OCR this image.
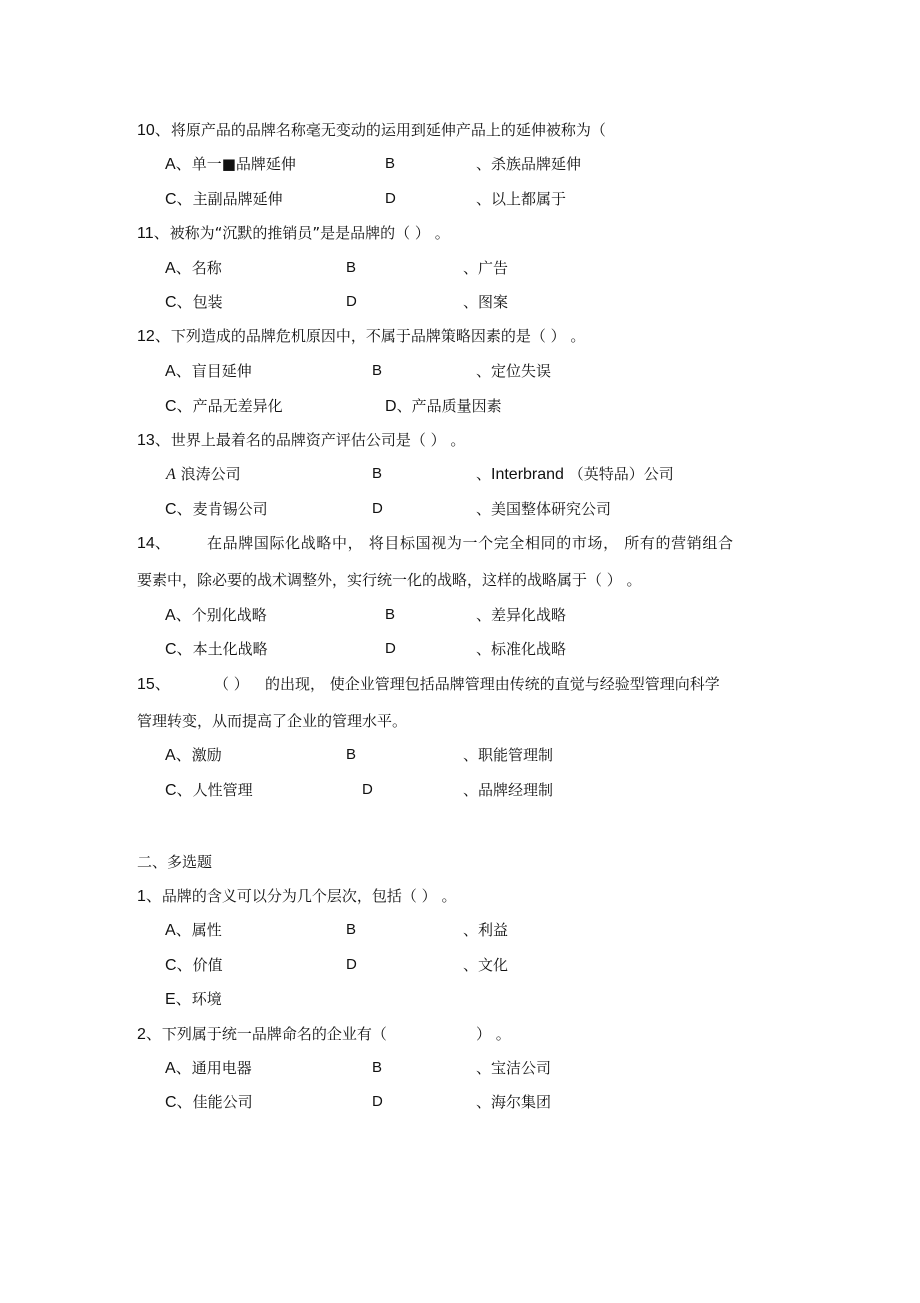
10、将原产品的品牌名称毫无变动的运用到延伸产品上的延伸被称为（
A、单一■品牌延伸	B	、杀族品牌延伸
C、主副品牌延伸	D	、以上都属于
11、被称为“沉默的推销员”是是品牌的（ ） 。
A、名称	B	、广告
C、包装	D	、图案
12、下列造成的品牌危机原因中，不属于品牌策略因素的是（ ） 。
A、盲目延伸	B	、定位失误
C、产品无差异化	D、产品质量因素
13、世界上最着名的品牌资产评估公司是（ ） 。
A 浪涛公司	B	、Interbrand （英特品）公司
C、麦肯锡公司	D	、美国整体研究公司
14、 在品牌国际化战略中， 将目标国视为一个完全相同的市场， 所有的营销组合
要素中，除必要的战术调整外，实行统一化的战略，这样的战略属于（ ） 。
A、个别化战略	B	、差异化战略
C、本土化战略	D	、标准化战略
15、	（ ） 的出现， 使企业管理包括品牌管理由传统的直觉与经验型管理向科学
管理转变，从而提高了企业的管理水平。
A、激励	B	、职能管理制
C、人性管理	D	、品牌经理制
二、多选题
1、品牌的含义可以分为几个层次，包括（ ） 。
A、属性	B	、利益
C、价值	D	、文化
E、环境
2、下列属于统一品牌命名的企业有（	） 。
A、通用电器	B	、宝洁公司
C、佳能公司	D	、海尔集团
